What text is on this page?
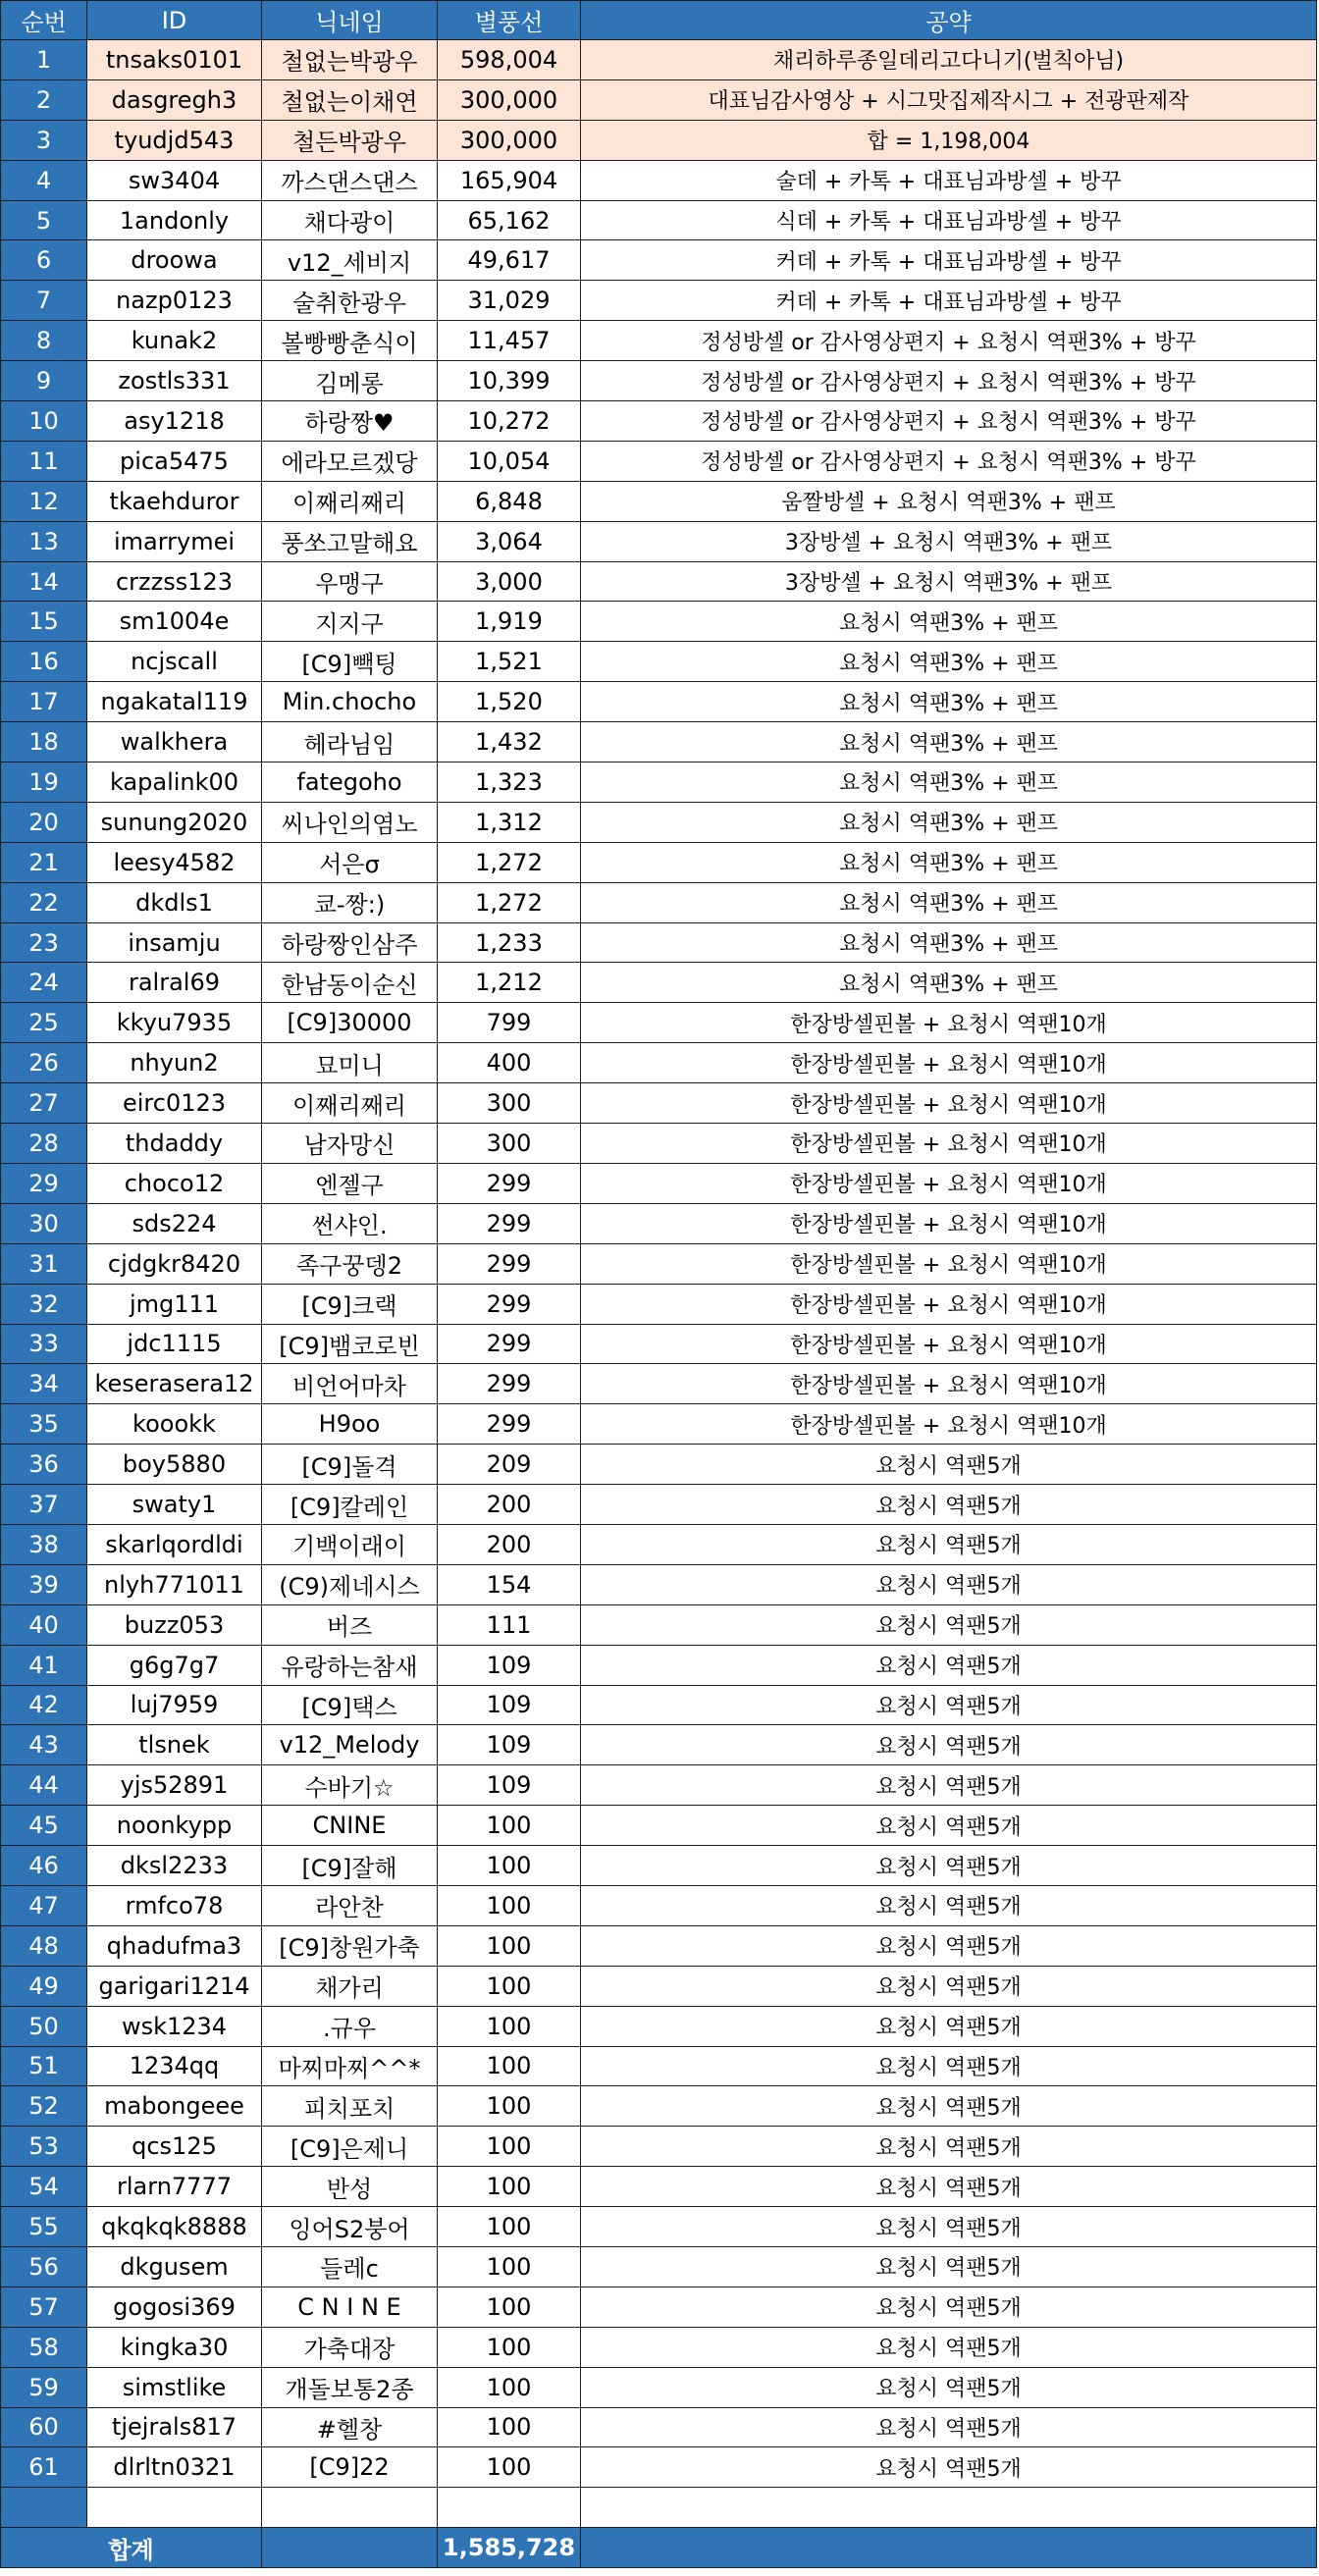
순번	ID	닉네임	별풍선	공약
1	tnsaks0101	철없는박광우	598,004	채리하루종일데리고다니기(벌칙아님)
2	dasgregh3	철없는이채연	300,000	대표님감사영상 + 시그맛집제작시그 + 전광판제작
3	tyudjd543	철든박광우	300,000	합 = 1,198,004
4	sw3404	까스댄스댄스	165,904	술데 + 카톡 + 대표님과방셀 + 방꾸
5	1andonly	채다광이	65,162	식데 + 카톡 + 대표님과방셀 + 방꾸
6	droowa	v12_세비지	49,617	커데 + 카톡 + 대표님과방셀 + 방꾸
7	nazp0123	술취한광우	31,029	커데 + 카톡 + 대표님과방셀 + 방꾸
8	kunak2	볼빵빵춘식이	11,457	정성방셀 or 감사영상편지 + 요청시 역팬3% + 방꾸
9	zostls331	김메롱	10,399	정성방셀 or 감사영상편지 + 요청시 역팬3% + 방꾸
10	asy1218	하랑짱♥	10,272	정성방셀 or 감사영상편지 + 요청시 역팬3% + 방꾸
11	pica5475	에라모르겠당	10,054	정성방셀 or 감사영상편지 + 요청시 역팬3% + 방꾸
12	tkaehduror	이째리째리	6,848	움짤방셀 + 요청시 역팬3% + 팬프
13	imarrymei	풍쏘고말해요	3,064	3장방셀 + 요청시 역팬3% + 팬프
14	crzzss123	우맹구	3,000	3장방셀 + 요청시 역팬3% + 팬프
15	sm1004e	지지구	1,919	요청시 역팬3% + 팬프
16	ncjscall	[C9]빽팅	1,521	요청시 역팬3% + 팬프
17	ngakatal119	Min.chocho	1,520	요청시 역팬3% + 팬프
18	walkhera	헤라님임	1,432	요청시 역팬3% + 팬프
19	kapalink00	fategoho	1,323	요청시 역팬3% + 팬프
20	sunung2020	씨나인의염노	1,312	요청시 역팬3% + 팬프
21	leesy4582	서은σ	1,272	요청시 역팬3% + 팬프
22	dkdls1	쿄-짱:)	1,272	요청시 역팬3% + 팬프
23	insamju	하랑짱인삼주	1,233	요청시 역팬3% + 팬프
24	ralral69	한남동이순신	1,212	요청시 역팬3% + 팬프
25	kkyu7935	[C9]30000	799	한장방셀핀볼 + 요청시 역팬10개
26	nhyun2	묘미니	400	한장방셀핀볼 + 요청시 역팬10개
27	eirc0123	이째리째리	300	한장방셀핀볼 + 요청시 역팬10개
28	thdaddy	남자망신	300	한장방셀핀볼 + 요청시 역팬10개
29	choco12	엔젤구	299	한장방셀핀볼 + 요청시 역팬10개
30	sds224	썬샤인.	299	한장방셀핀볼 + 요청시 역팬10개
31	cjdgkr8420	족구꿍뎅2	299	한장방셀핀볼 + 요청시 역팬10개
32	jmg111	[C9]크랙	299	한장방셀핀볼 + 요청시 역팬10개
33	jdc1115	[C9]뱀코로빈	299	한장방셀핀볼 + 요청시 역팬10개
34	keserasera12	비언어마차	299	한장방셀핀볼 + 요청시 역팬10개
35	koookk	H9oo	299	한장방셀핀볼 + 요청시 역팬10개
36	boy5880	[C9]돌격	209	요청시 역팬5개
37	swaty1	[C9]칼레인	200	요청시 역팬5개
38	skarlqordldi	기백이래이	200	요청시 역팬5개
39	nlyh771011	(C9)제네시스	154	요청시 역팬5개
40	buzz053	버즈	111	요청시 역팬5개
41	g6g7g7	유랑하는참새	109	요청시 역팬5개
42	luj7959	[C9]택스	109	요청시 역팬5개
43	tlsnek	v12_Melody	109	요청시 역팬5개
44	yjs52891	수바기☆	109	요청시 역팬5개
45	noonkypp	CNINE	100	요청시 역팬5개
46	dksl2233	[C9]잘해	100	요청시 역팬5개
47	rmfco78	라안찬	100	요청시 역팬5개
48	qhadufma3	[C9]창원가축	100	요청시 역팬5개
49	garigari1214	채가리	100	요청시 역팬5개
50	wsk1234	.규우	100	요청시 역팬5개
51	1234qq	마찌마찌^^*	100	요청시 역팬5개
52	mabongeee	피치포치	100	요청시 역팬5개
53	qcs125	[C9]은제니	100	요청시 역팬5개
54	rlarn7777	반성	100	요청시 역팬5개
55	qkqkqk8888	잉어S2붕어	100	요청시 역팬5개
56	dkgusem	들레c	100	요청시 역팬5개
57	gogosi369	C N I N E	100	요청시 역팬5개
58	kingka30	가축대장	100	요청시 역팬5개
59	simstlike	개돌보통2종	100	요청시 역팬5개
60	tjejrals817	#헬창	100	요청시 역팬5개
61	dlrltn0321	[C9]22	100	요청시 역팬5개

합계			1,585,728	
